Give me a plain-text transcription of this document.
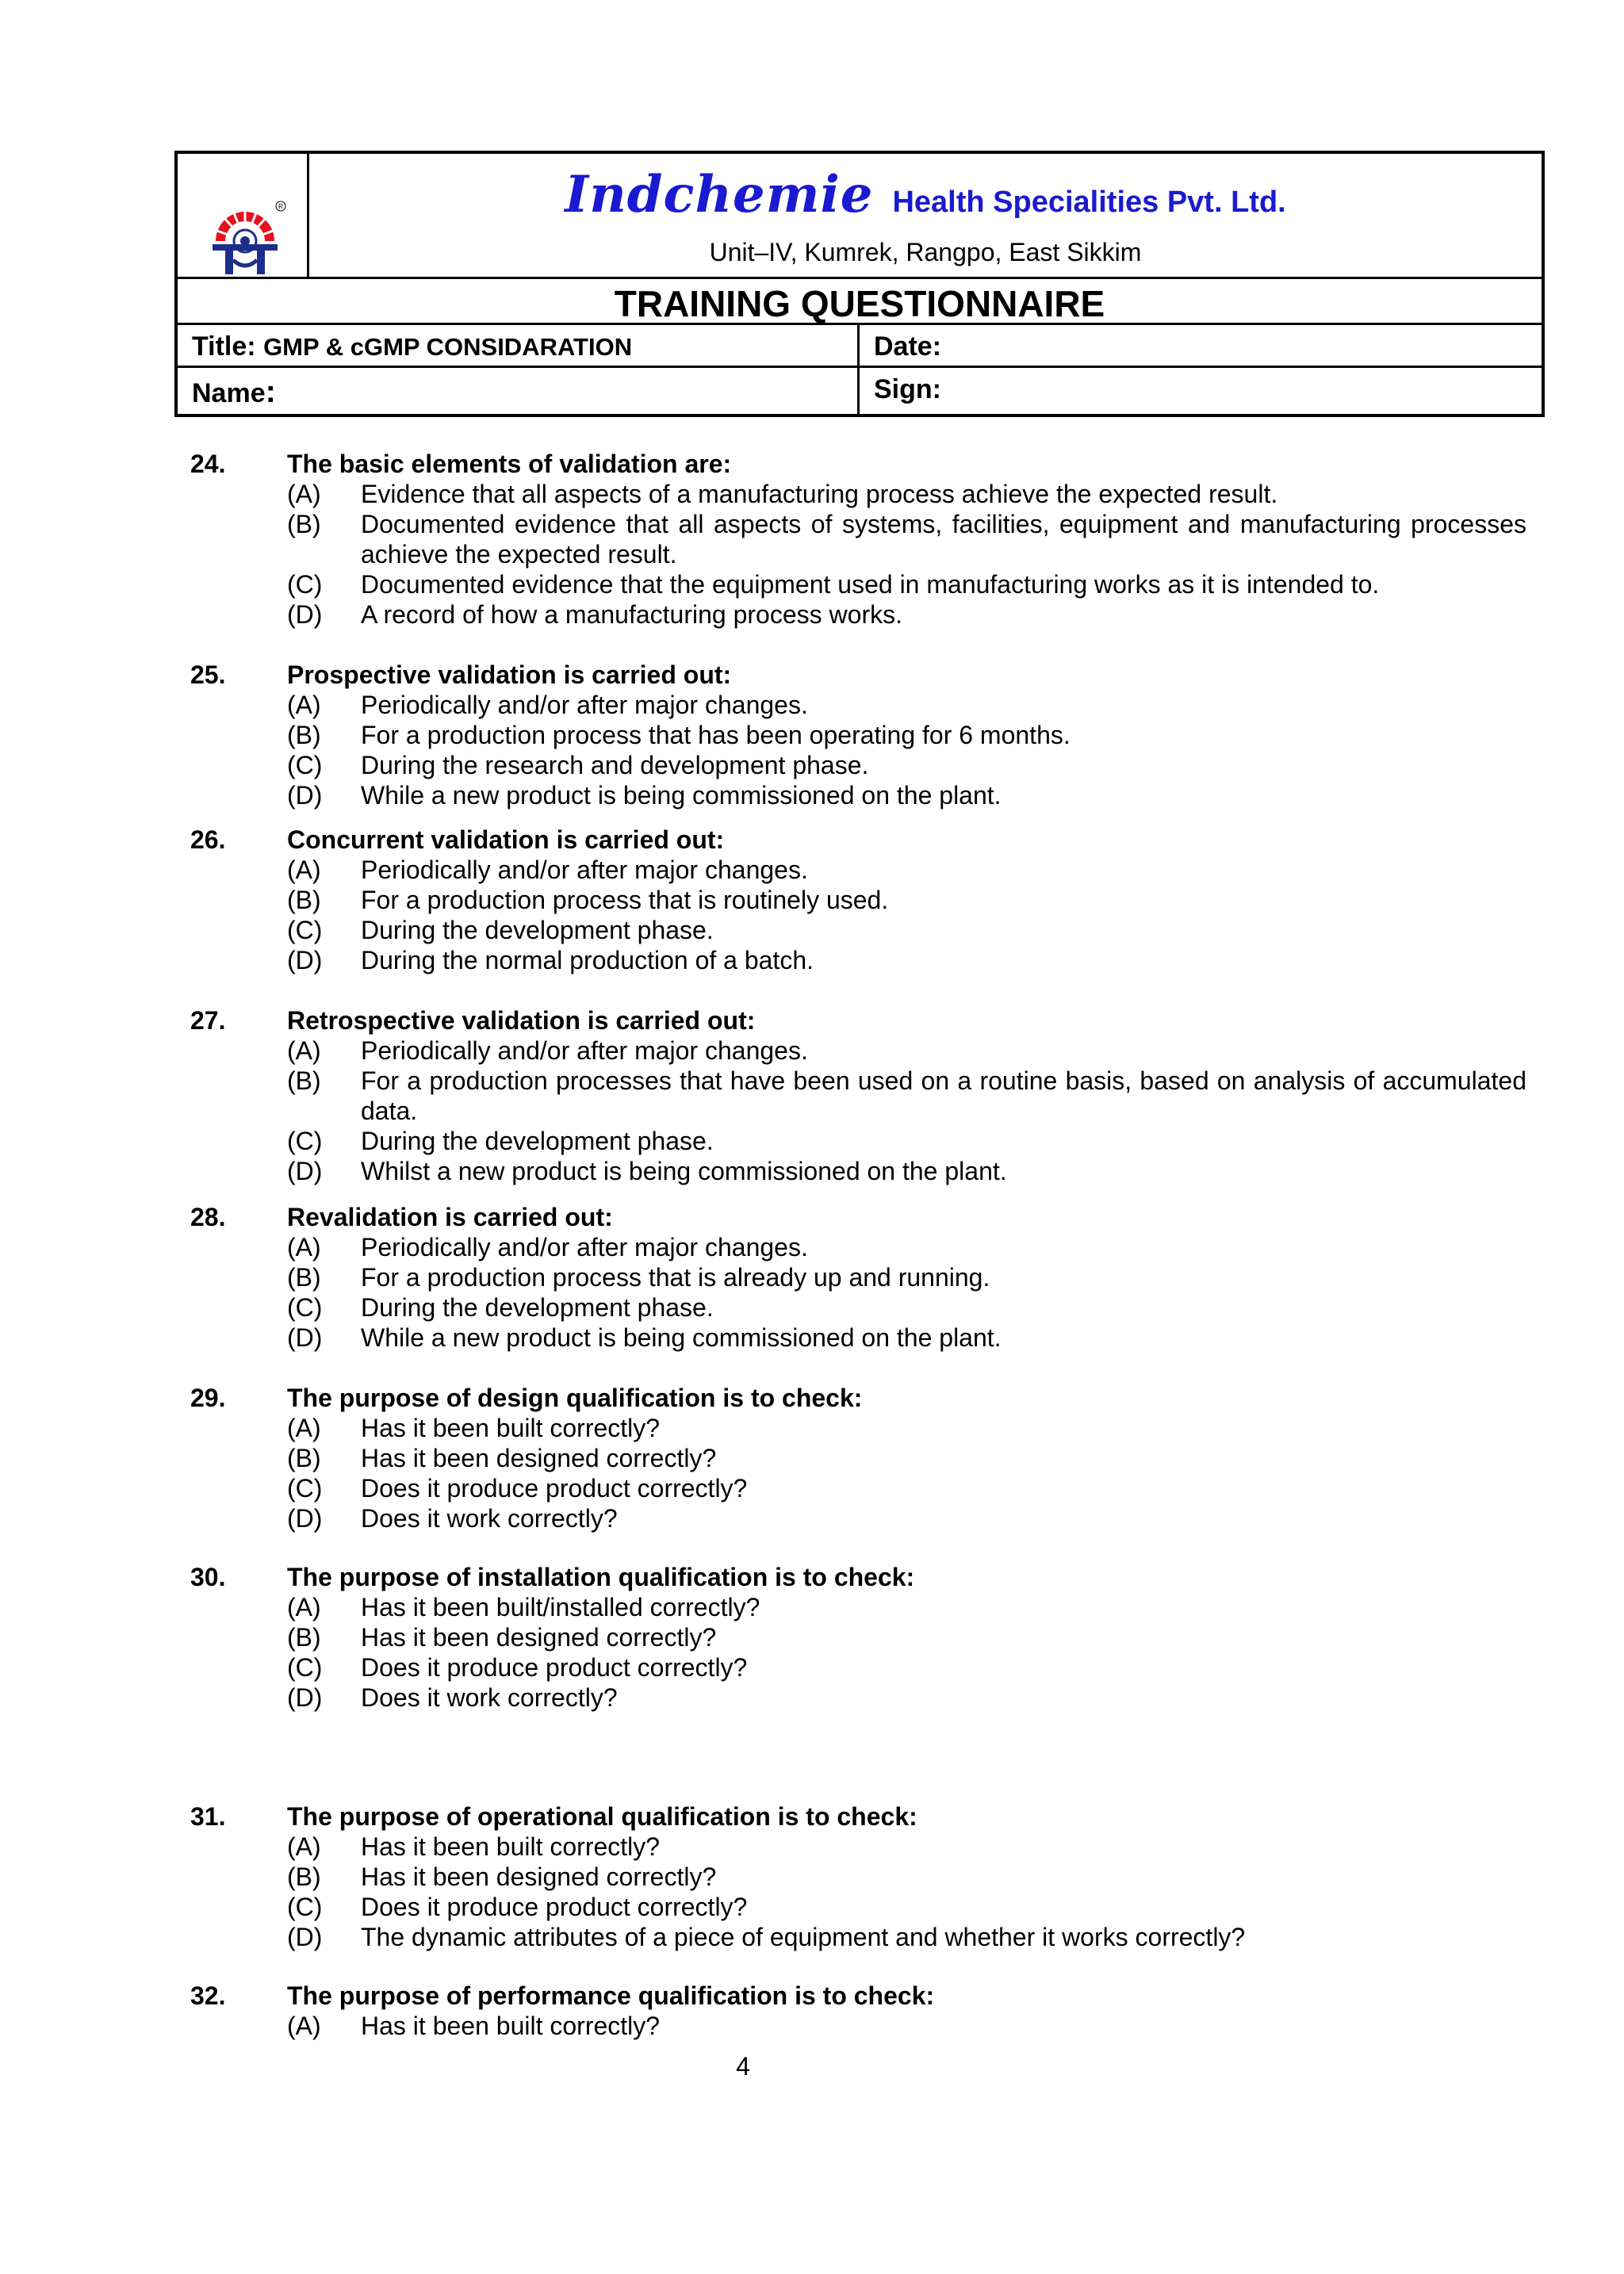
R	Indchemie Health Specialities Pvt. Ltd.
Unit–IV, Kumrek, Rangpo, East Sikkim
TRAINING QUESTIONNAIRE
Title: GMP & cGMP CONSIDARATION	Date:
Name:	Sign:
24. The basic elements of validation are:
(A) Evidence that all aspects of a manufacturing process achieve the expected result.
(B) Documented evidence that all aspects of systems, facilities, equipment and manufacturing processes achieve the expected result.
(C) Documented evidence that the equipment used in manufacturing works as it is intended to.
(D) A record of how a manufacturing process works.
25. Prospective validation is carried out:
(A) Periodically and/or after major changes.
(B) For a production process that has been operating for 6 months.
(C) During the research and development phase.
(D) While a new product is being commissioned on the plant.
26. Concurrent validation is carried out:
(A) Periodically and/or after major changes.
(B) For a production process that is routinely used.
(C) During the development phase.
(D) During the normal production of a batch.
27. Retrospective validation is carried out:
(A) Periodically and/or after major changes.
(B) For a production processes that have been used on a routine basis, based on analysis of accumulated data.
(C) During the development phase.
(D) Whilst a new product is being commissioned on the plant.
28. Revalidation is carried out:
(A) Periodically and/or after major changes.
(B) For a production process that is already up and running.
(C) During the development phase.
(D) While a new product is being commissioned on the plant.
29. The purpose of design qualification is to check:
(A) Has it been built correctly?
(B) Has it been designed correctly?
(C) Does it produce product correctly?
(D) Does it work correctly?
30. The purpose of installation qualification is to check:
(A) Has it been built/installed correctly?
(B) Has it been designed correctly?
(C) Does it produce product correctly?
(D) Does it work correctly?
31. The purpose of operational qualification is to check:
(A) Has it been built correctly?
(B) Has it been designed correctly?
(C) Does it produce product correctly?
(D) The dynamic attributes of a piece of equipment and whether it works correctly?
32. The purpose of performance qualification is to check:
(A) Has it been built correctly?
4
